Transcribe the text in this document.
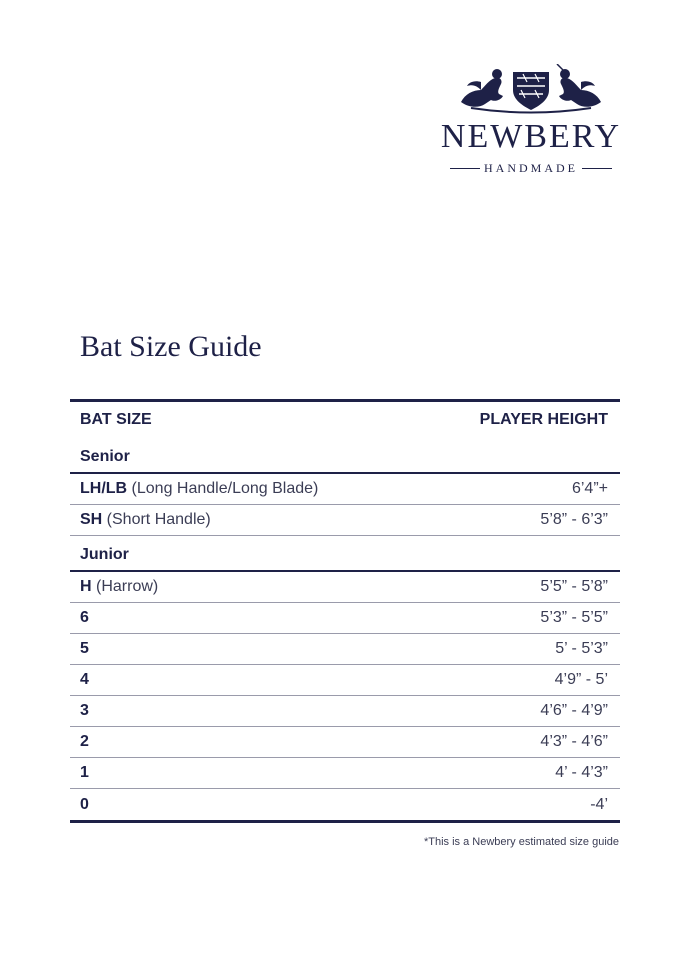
NEWBERY
HANDMADE
Bat Size Guide
BAT SIZE	PLAYER HEIGHT
Senior
LH/LB (Long Handle/Long Blade)	6’4”+
SH (Short Handle)	5’8” - 6’3”
Junior
H (Harrow)	5’5” - 5’8”
6	5’3” - 5’5”
5	5’ - 5’3”
4	4’9” - 5’
3	4’6” - 4’9”
2	4’3” - 4’6”
1	4’ - 4’3”
0	-4’
*This is a Newbery estimated size guide
